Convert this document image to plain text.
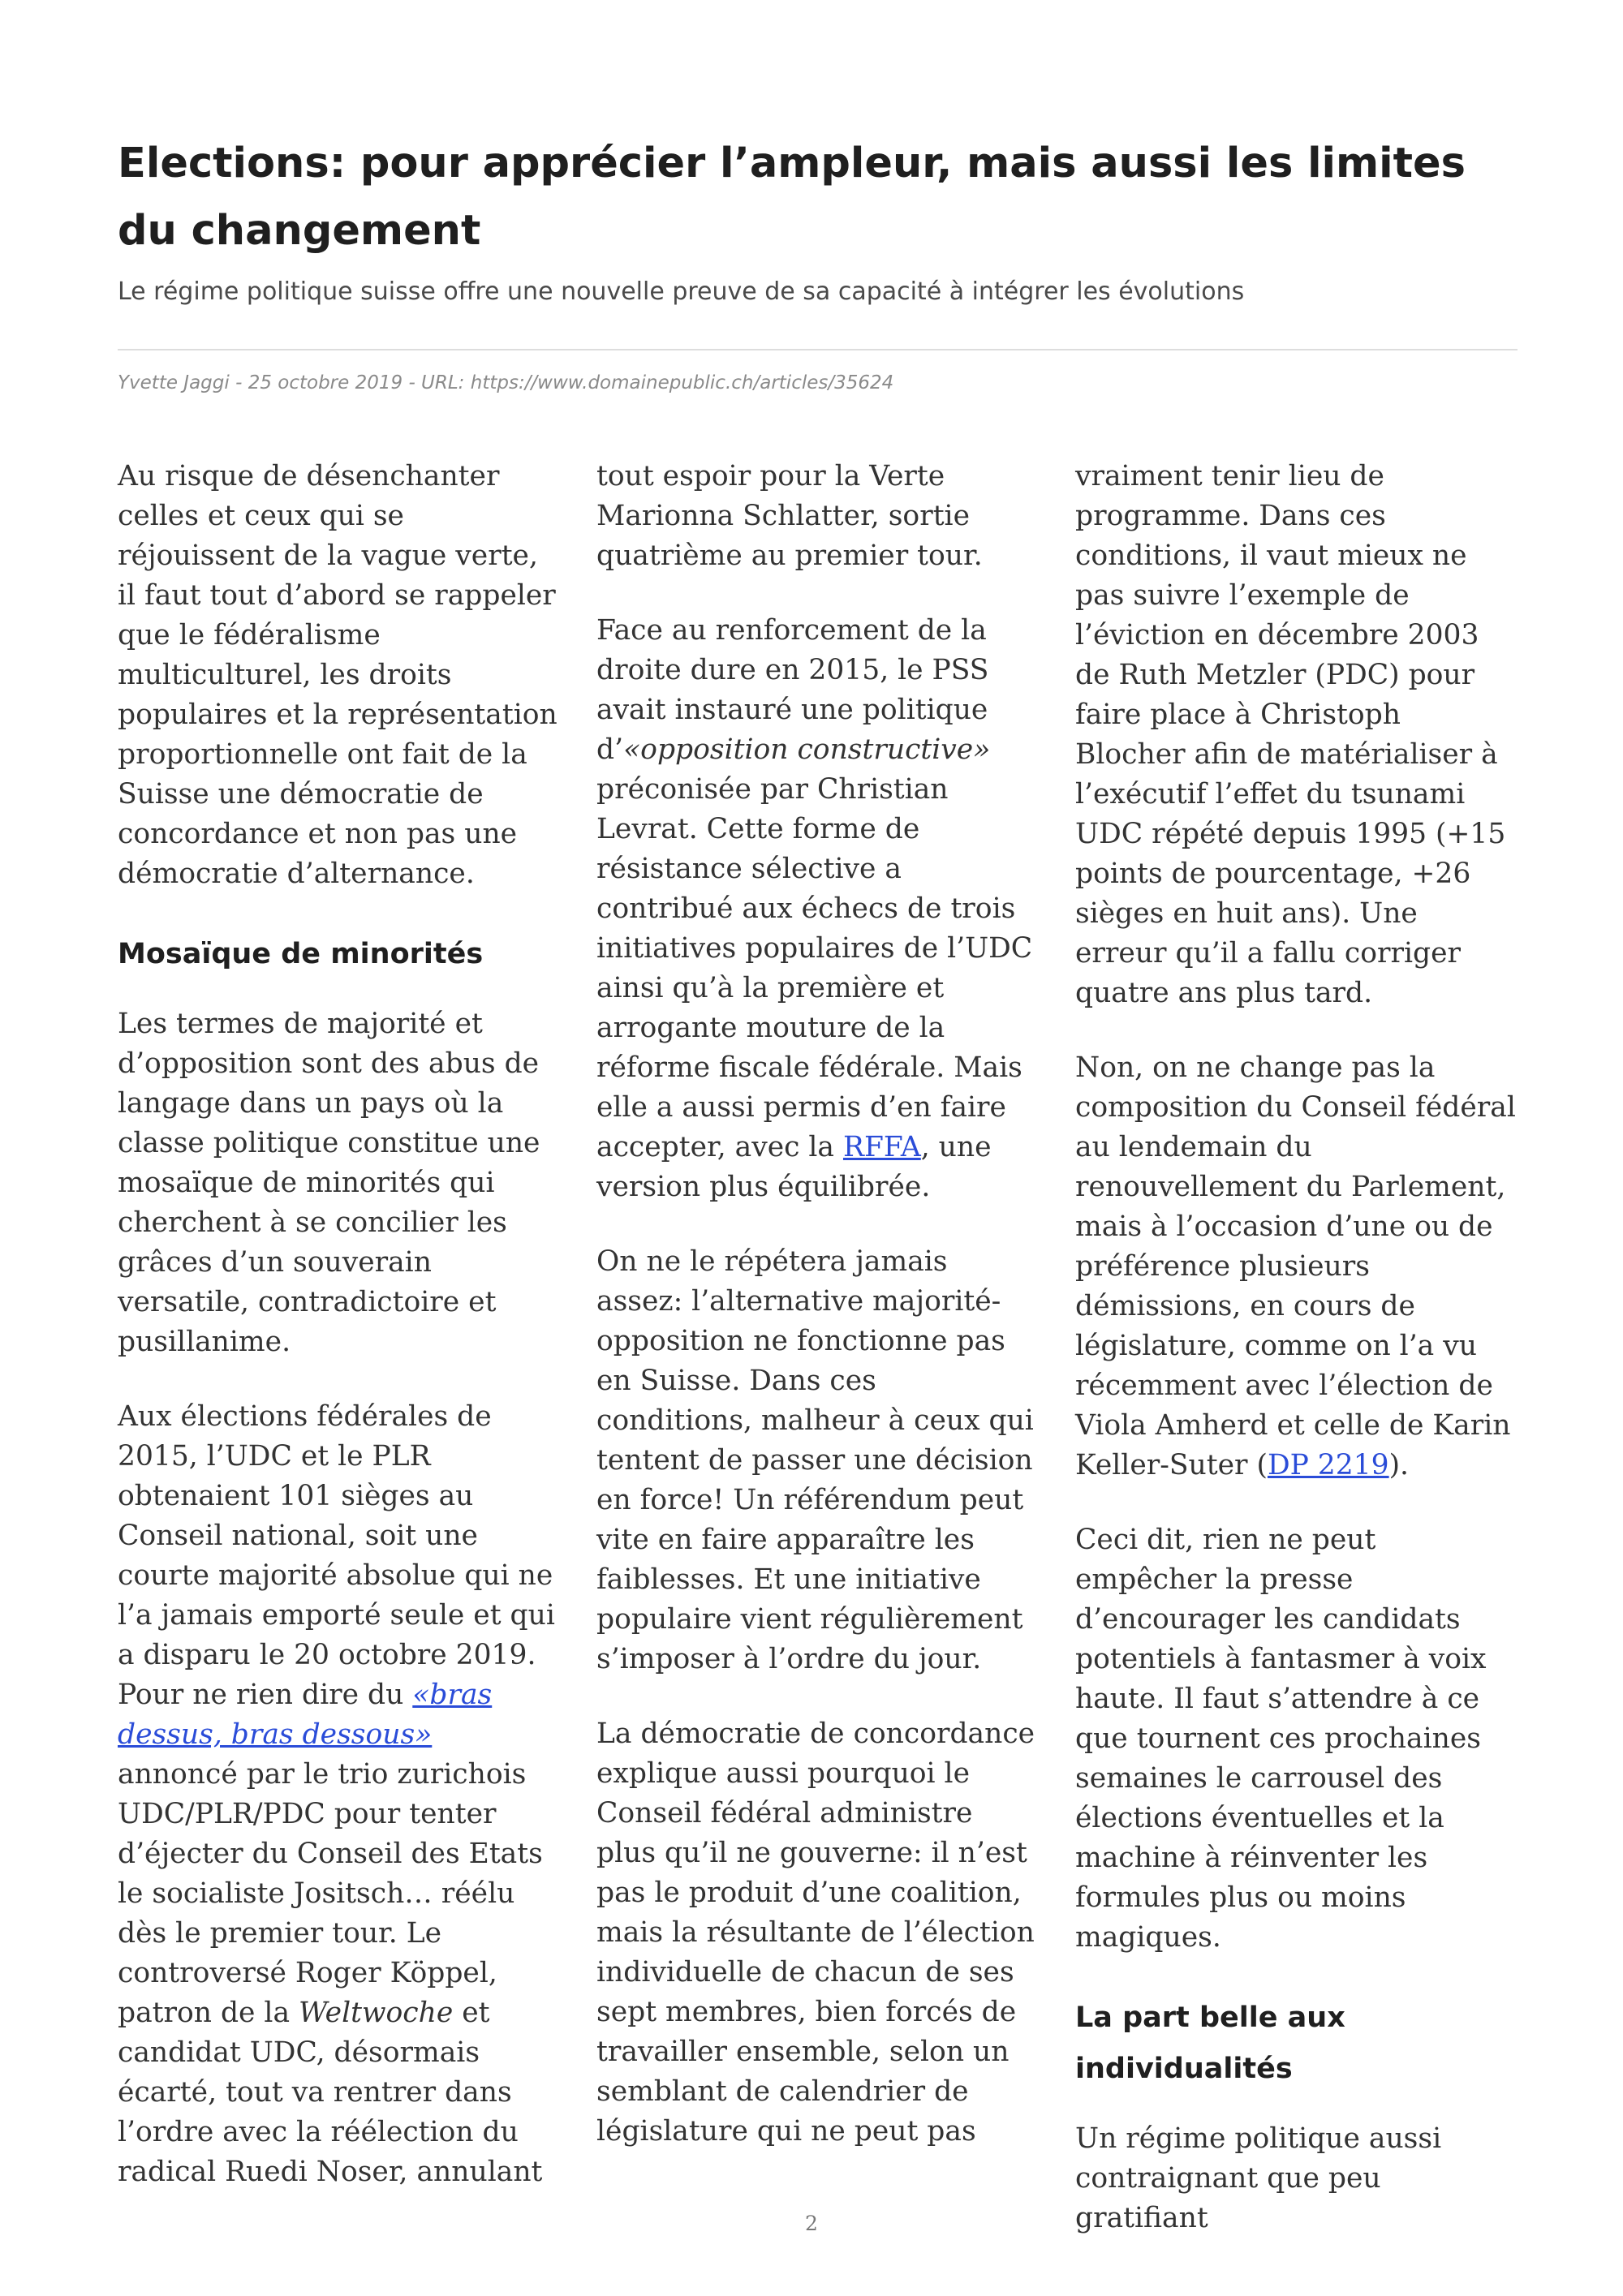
Elections: pour apprécier l’ampleur, mais aussi les limites du changement

Le régime politique suisse offre une nouvelle preuve de sa capacité à intégrer les évolutions

Yvette Jaggi - 25 octobre 2019 - URL: https://www.domainepublic.ch/articles/35624

Au risque de désenchanter celles et ceux qui se réjouissent de la vague verte, il faut tout d’abord se rappeler que le fédéralisme multiculturel, les droits populaires et la représentation proportionnelle ont fait de la Suisse une démocratie de concordance et non pas une démocratie d’alternance.

Mosaïque de minorités

Les termes de majorité et d’opposition sont des abus de langage dans un pays où la classe politique constitue une mosaïque de minorités qui cherchent à se concilier les grâces d’un souverain versatile, contradictoire et pusillanime.

Aux élections fédérales de 2015, l’UDC et le PLR obtenaient 101 sièges au Conseil national, soit une courte majorité absolue qui ne l’a jamais emporté seule et qui a disparu le 20 octobre 2019. Pour ne rien dire du «bras dessus, bras dessous» annoncé par le trio zurichois UDC/PLR/PDC pour tenter d’éjecter du Conseil des Etats le socialiste Jositsch… réélu dès le premier tour. Le controversé Roger Köppel, patron de la Weltwoche et candidat UDC, désormais écarté, tout va rentrer dans l’ordre avec la réélection du radical Ruedi Noser, annulant

tout espoir pour la Verte Marionna Schlatter, sortie quatrième au premier tour.

Face au renforcement de la droite dure en 2015, le PSS avait instauré une politique d’«opposition constructive» préconisée par Christian Levrat. Cette forme de résistance sélective a contribué aux échecs de trois initiatives populaires de l’UDC ainsi qu’à la première et arrogante mouture de la réforme fiscale fédérale. Mais elle a aussi permis d’en faire accepter, avec la RFFA, une version plus équilibrée.

On ne le répétera jamais assez: l’alternative majorité-opposition ne fonctionne pas en Suisse. Dans ces conditions, malheur à ceux qui tentent de passer une décision en force! Un référendum peut vite en faire apparaître les faiblesses. Et une initiative populaire vient régulièrement s’imposer à l’ordre du jour.

La démocratie de concordance explique aussi pourquoi le Conseil fédéral administre plus qu’il ne gouverne: il n’est pas le produit d’une coalition, mais la résultante de l’élection individuelle de chacun de ses sept membres, bien forcés de travailler ensemble, selon un semblant de calendrier de législature qui ne peut pas

vraiment tenir lieu de programme. Dans ces conditions, il vaut mieux ne pas suivre l’exemple de l’éviction en décembre 2003 de Ruth Metzler (PDC) pour faire place à Christoph Blocher afin de matérialiser à l’exécutif l’effet du tsunami UDC répété depuis 1995 (+15 points de pourcentage, +26 sièges en huit ans). Une erreur qu’il a fallu corriger quatre ans plus tard.

Non, on ne change pas la composition du Conseil fédéral au lendemain du renouvellement du Parlement, mais à l’occasion d’une ou de préférence plusieurs démissions, en cours de législature, comme on l’a vu récemment avec l’élection de Viola Amherd et celle de Karin Keller-Suter (DP 2219).

Ceci dit, rien ne peut empêcher la presse d’encourager les candidats potentiels à fantasmer à voix haute. Il faut s’attendre à ce que tournent ces prochaines semaines le carrousel des élections éventuelles et la machine à réinventer les formules plus ou moins magiques.

La part belle aux individualités

Un régime politique aussi contraignant que peu gratifiant

2
